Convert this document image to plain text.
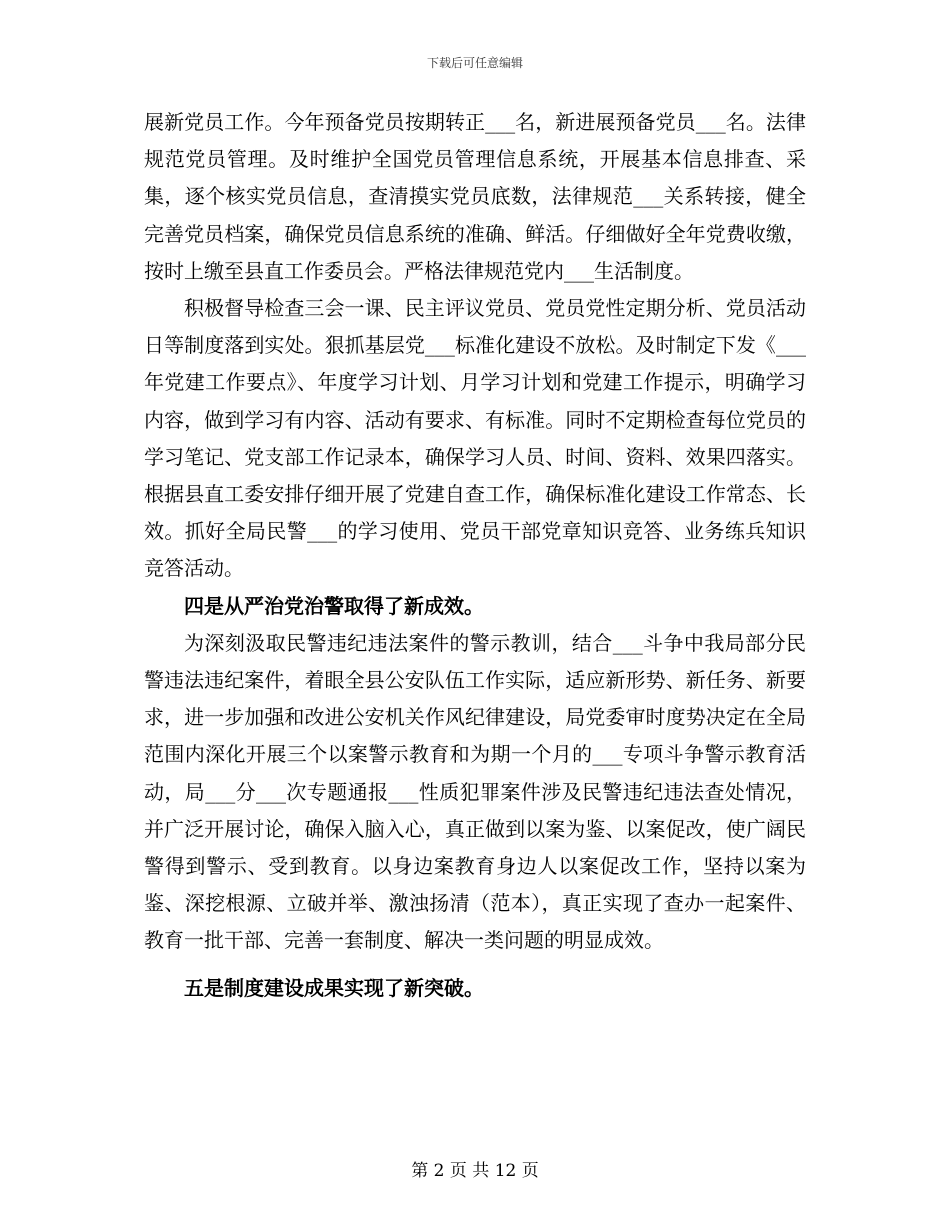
下载后可任意编辑

展新党员工作。今年预备党员按期转正___名，新进展预备党员___名。法律规范党员管理。及时维护全国党员管理信息系统，开展基本信息排查、采集，逐个核实党员信息，查清摸实党员底数，法律规范___关系转接，健全完善党员档案，确保党员信息系统的准确、鲜活。仔细做好全年党费收缴，按时上缴至县直工作委员会。严格法律规范党内___生活制度。

积极督导检查三会一课、民主评议党员、党员党性定期分析、党员活动日等制度落到实处。狠抓基层党___标准化建设不放松。及时制定下发《___年党建工作要点》、年度学习计划、月学习计划和党建工作提示，明确学习内容，做到学习有内容、活动有要求、有标准。同时不定期检查每位党员的学习笔记、党支部工作记录本，确保学习人员、时间、资料、效果四落实。根据县直工委安排仔细开展了党建自查工作，确保标准化建设工作常态、长效。抓好全局民警___的学习使用、党员干部党章知识竞答、业务练兵知识竞答活动。

四是从严治党治警取得了新成效。

为深刻汲取民警违纪违法案件的警示教训，结合___斗争中我局部分民警违法违纪案件，着眼全县公安队伍工作实际，适应新形势、新任务、新要求，进一步加强和改进公安机关作风纪律建设，局党委审时度势决定在全局范围内深化开展三个以案警示教育和为期一个月的___专项斗争警示教育活动，局___分___次专题通报___性质犯罪案件涉及民警违纪违法查处情况，并广泛开展讨论，确保入脑入心，真正做到以案为鉴、以案促改，使广阔民警得到警示、受到教育。以身边案教育身边人以案促改工作，坚持以案为鉴、深挖根源、立破并举、激浊扬清（范本），真正实现了查办一起案件、教育一批干部、完善一套制度、解决一类问题的明显成效。

五是制度建设成果实现了新突破。

第 2 页 共 12 页
